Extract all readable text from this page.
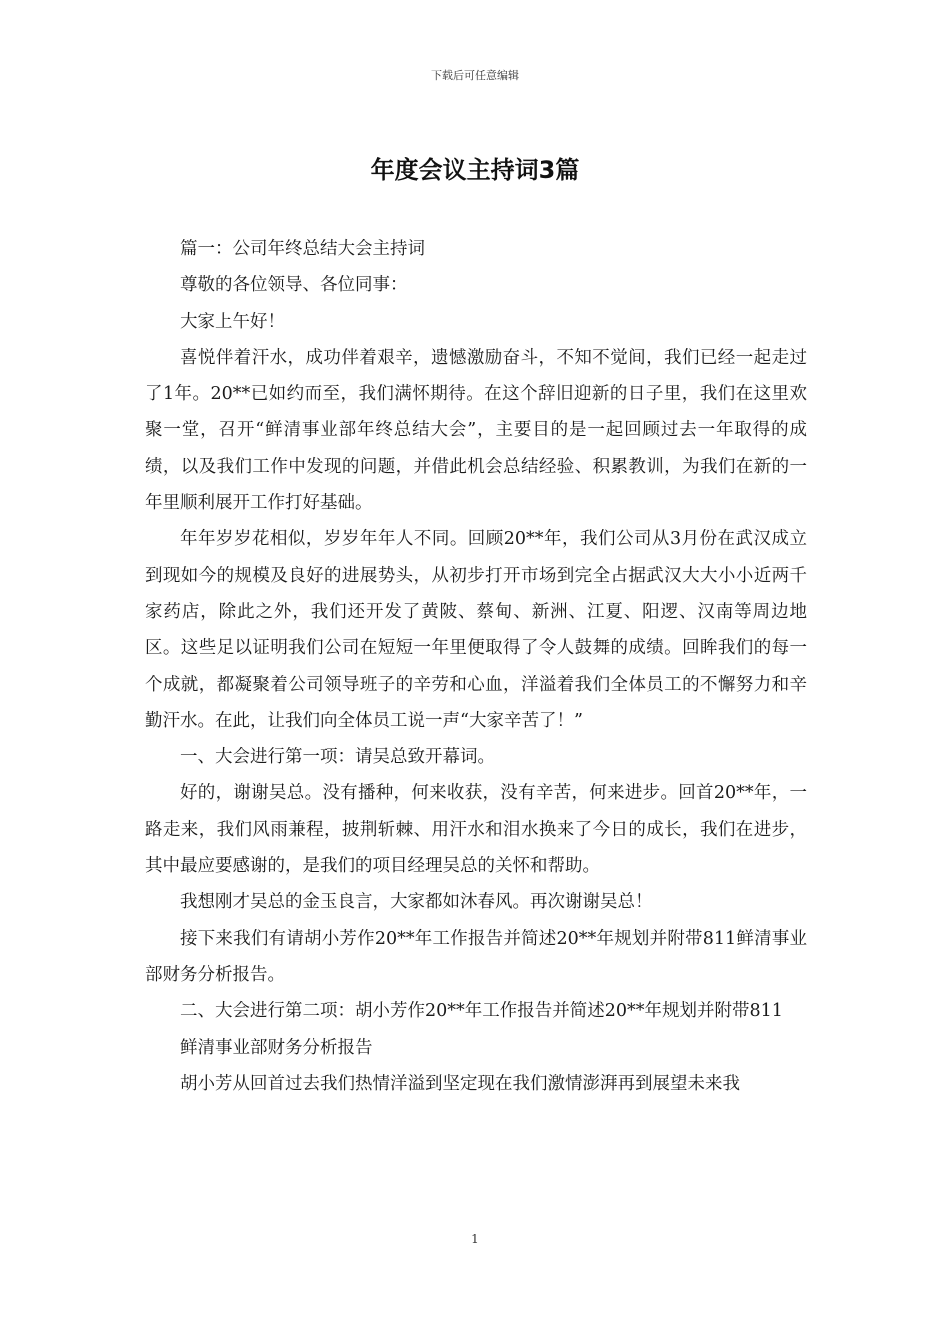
下载后可任意编辑
年度会议主持词3篇

篇一：公司年终总结大会主持词

尊敬的各位领导、各位同事：

大家上午好！

喜悦伴着汗水，成功伴着艰辛，遗憾激励奋斗，不知不觉间，我们已经一起走过了1年。20**已如约而至，我们满怀期待。在这个辞旧迎新的日子里，我们在这里欢聚一堂，召开“鲜清事业部年终总结大会”，主要目的是一起回顾过去一年取得的成绩，以及我们工作中发现的问题，并借此机会总结经验、积累教训，为我们在新的一年里顺利展开工作打好基础。

年年岁岁花相似，岁岁年年人不同。回顾20**年，我们公司从3月份在武汉成立到现如今的规模及良好的进展势头，从初步打开市场到完全占据武汉大大小小近两千家药店，除此之外，我们还开发了黄陂、蔡甸、新洲、江夏、阳逻、汉南等周边地区。这些足以证明我们公司在短短一年里便取得了令人鼓舞的成绩。回眸我们的每一个成就，都凝聚着公司领导班子的辛劳和心血，洋溢着我们全体员工的不懈努力和辛勤汗水。在此，让我们向全体员工说一声“大家辛苦了！”

一、大会进行第一项：请吴总致开幕词。

好的，谢谢吴总。没有播种，何来收获，没有辛苦，何来进步。回首20**年，一路走来，我们风雨兼程，披荆斩棘、用汗水和泪水换来了今日的成长，我们在进步，其中最应要感谢的，是我们的项目经理吴总的关怀和帮助。

我想刚才吴总的金玉良言，大家都如沐春风。再次谢谢吴总！

接下来我们有请胡小芳作20**年工作报告并简述20**年规划并附带811鲜清事业部财务分析报告。

二、大会进行第二项：胡小芳作20**年工作报告并简述20**年规划并附带811

鲜清事业部财务分析报告

胡小芳从回首过去我们热情洋溢到坚定现在我们激情澎湃再到展望未来我

1
